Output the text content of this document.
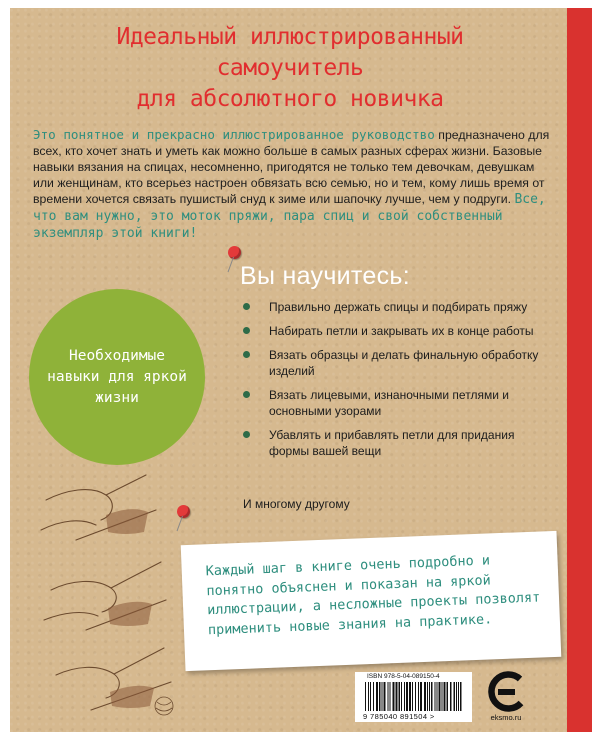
Идеальный иллюстрированный
самоучитель
для абсолютного новичка
Это понятное и прекрасно иллюстрированное руководство предназначено для всех, кто хочет знать и уметь как можно больше в самых разных сферах жизни. Базовые навыки вязания на спицах, несомненно, пригодятся не только тем девочкам, девушкам или женщинам, кто всерьез настроен обвязать всю семью, но и тем, кому лишь время от времени хочется связать пушистый снуд к зиме или шапочку лучше, чем у подруги. Все, что вам нужно, это моток пряжи, пара спиц и свой собственный экземпляр этой книги!
Вы научитесь:
Правильно держать спицы и подбирать пряжу
Набирать петли и закрывать их в конце работы
Вязать образцы и делать финальную обработку изделий
Вязать лицевыми, изнаночными петлями и основными узорами
Убавлять и прибавлять петли для придания формы вашей вещи
И многому другому
Необходимые навыки для яркой жизни
Каждый шаг в книге очень подробно и понятно объяснен и показан на яркой иллюстрации, а несложные проекты позволят применить новые знания на практике.
ISBN 978-5-04-089150-4
9 785040 891504 >	eksmo.ru
